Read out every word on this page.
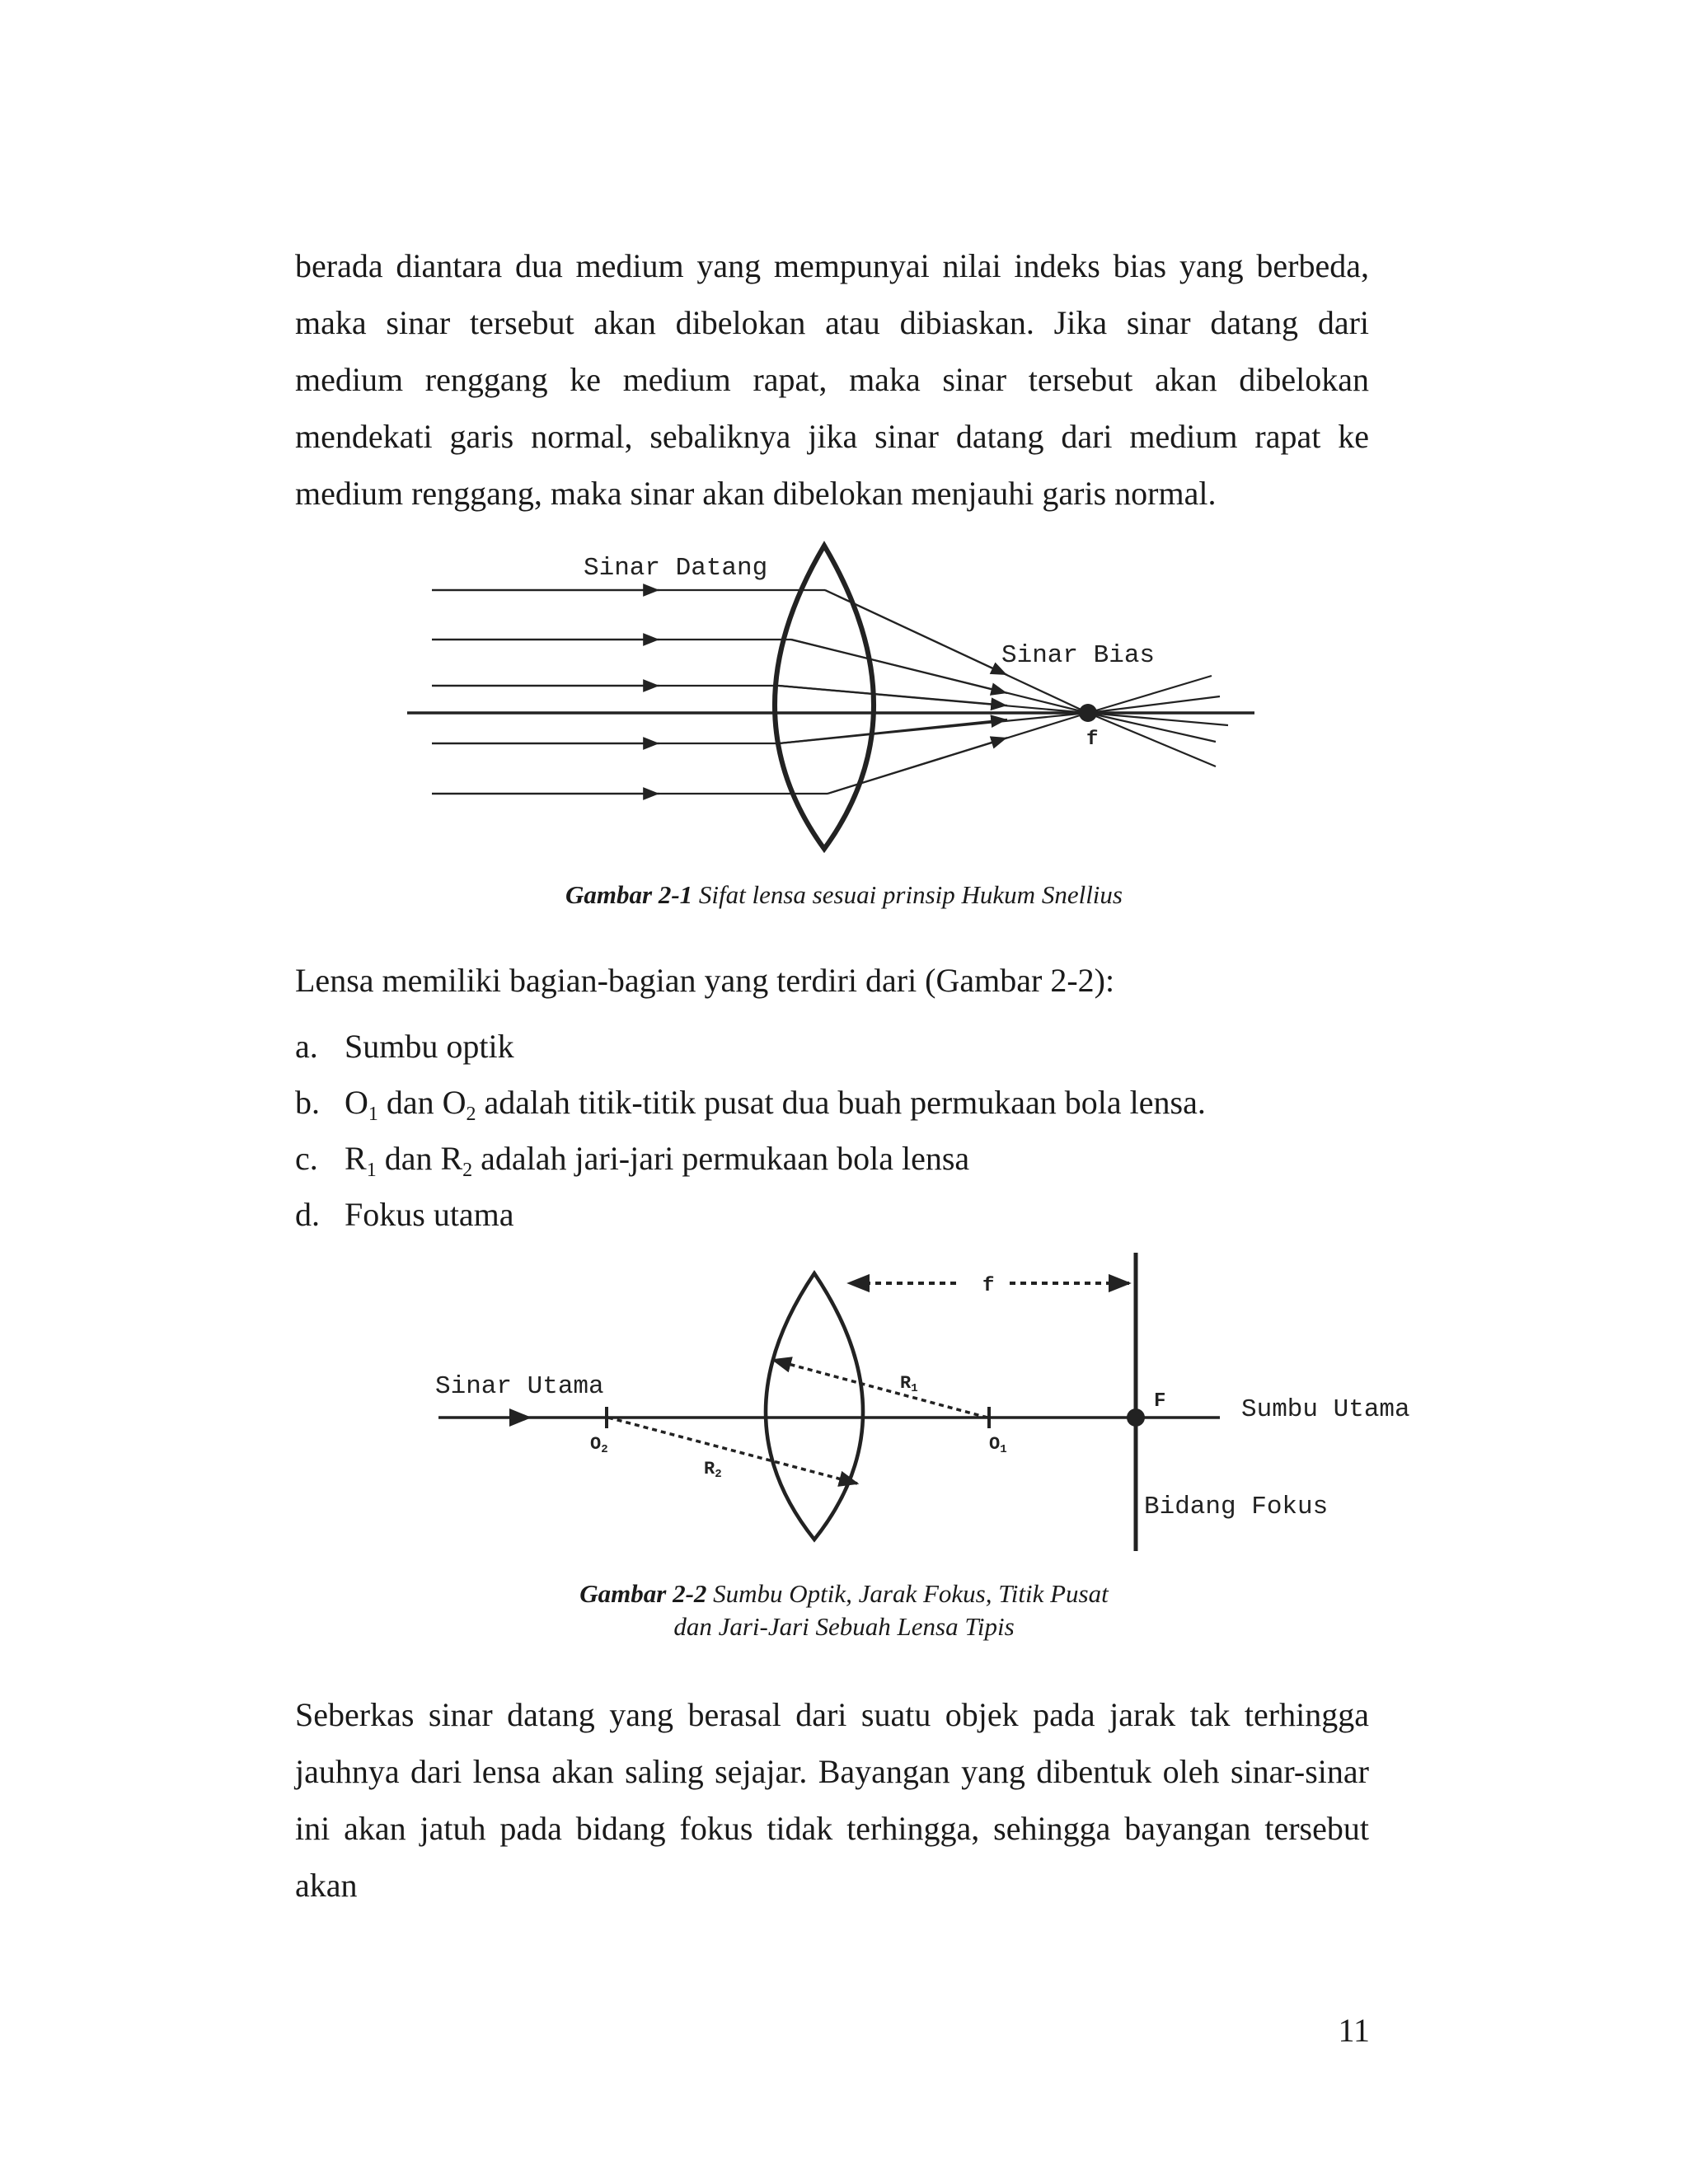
berada diantara dua medium yang mempunyai nilai indeks bias yang berbeda, maka sinar tersebut akan dibelokan atau dibiaskan. Jika sinar datang dari medium renggang ke medium rapat, maka sinar tersebut akan dibelokan mendekati garis normal, sebaliknya jika sinar datang dari medium rapat ke medium renggang, maka sinar akan dibelokan menjauhi garis normal.

Sinar Datang
Sinar Bias
f
Sinar Utama
Sumbu Utama
Bidang Fokus
f
F
O2	O1
R1
R2

Gambar 2-1 Sifat lensa sesuai prinsip Hukum Snellius

Lensa memiliki bagian-bagian yang terdiri dari (Gambar 2-2):

a. Sumbu optik
b. $O_1$ dan $O_2$ adalah titik-titik pusat dua buah permukaan bola lensa.
c. $R_1$ dan $R_2$ adalah jari-jari permukaan bola lensa
d. Fokus utama

Gambar 2-2 Sumbu Optik, Jarak Fokus, Titik Pusat
dan Jari-Jari Sebuah Lensa Tipis

Seberkas sinar datang yang berasal dari suatu objek pada jarak tak terhingga jauhnya dari lensa akan saling sejajar. Bayangan yang dibentuk oleh sinar-sinar ini akan jatuh pada bidang fokus tidak terhingga, sehingga bayangan tersebut akan

11
